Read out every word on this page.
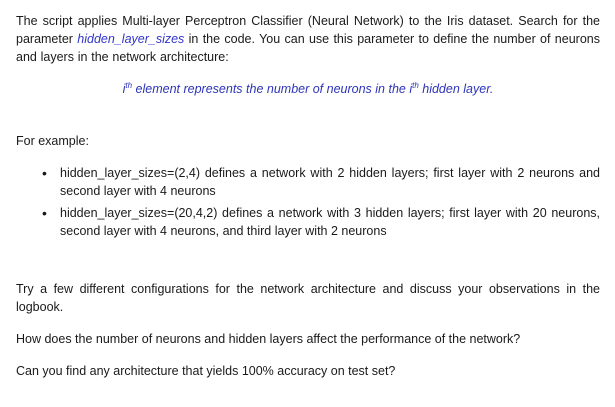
The script applies Multi-layer Perceptron Classifier (Neural Network) to the Iris dataset. Search for the parameter hidden_layer_sizes in the code. You can use this parameter to define the number of neurons and layers in the network architecture:

$i^{th}$ element represents the number of neurons in the $i^{th}$ hidden layer.

For example:

• hidden_layer_sizes=(2,4) defines a network with 2 hidden layers; first layer with 2 neurons and second layer with 4 neurons
• hidden_layer_sizes=(20,4,2) defines a network with 3 hidden layers; first layer with 20 neurons, second layer with 4 neurons, and third layer with 2 neurons

Try a few different configurations for the network architecture and discuss your observations in the logbook.

How does the number of neurons and hidden layers affect the performance of the network?

Can you find any architecture that yields 100% accuracy on test set?
